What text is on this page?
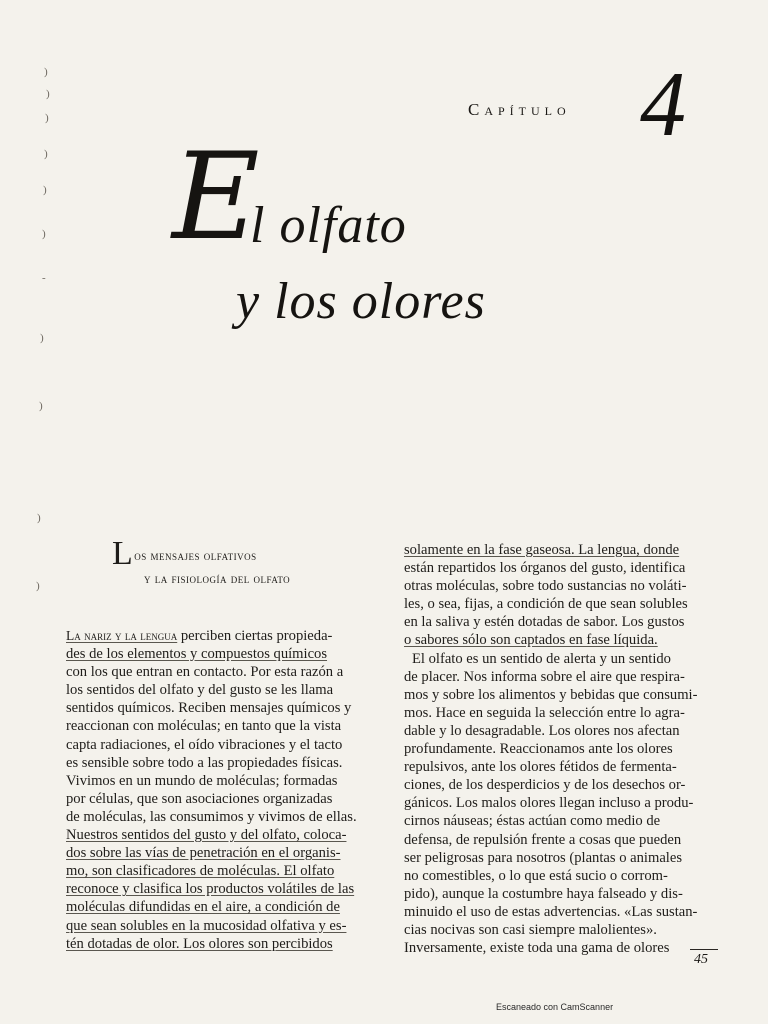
)
)
)
)
)
)
-
)
)
)
)
Capítulo 4
E
l olfato
y los olores
Los mensajes olfativos
y la fisiología del olfato
La nariz y la lengua perciben ciertas propieda-
des de los elementos y compuestos químicos
con los que entran en contacto. Por esta razón a
los sentidos del olfato y del gusto se les llama
sentidos químicos. Reciben mensajes químicos y
reaccionan con moléculas; en tanto que la vista
capta radiaciones, el oído vibraciones y el tacto
es sensible sobre todo a las propiedades físicas.
Vivimos en un mundo de moléculas; formadas
por células, que son asociaciones organizadas
de moléculas, las consumimos y vivimos de ellas.
Nuestros sentidos del gusto y del olfato, coloca-
dos sobre las vías de penetración en el organis-
mo, son clasificadores de moléculas. El olfato
reconoce y clasifica los productos volátiles de las
moléculas difundidas en el aire, a condición de
que sean solubles en la mucosidad olfativa y es-
tén dotadas de olor. Los olores son percibidos
solamente en la fase gaseosa. La lengua, donde
están repartidos los órganos del gusto, identifica
otras moléculas, sobre todo sustancias no voláti-
les, o sea, fijas, a condición de que sean solubles
en la saliva y estén dotadas de sabor. Los gustos
o sabores sólo son captados en fase líquida.
El olfato es un sentido de alerta y un sentido
de placer. Nos informa sobre el aire que respira-
mos y sobre los alimentos y bebidas que consumi-
mos. Hace en seguida la selección entre lo agra-
dable y lo desagradable. Los olores nos afectan
profundamente. Reaccionamos ante los olores
repulsivos, ante los olores fétidos de fermenta-
ciones, de los desperdicios y de los desechos or-
gánicos. Los malos olores llegan incluso a produ-
cirnos náuseas; éstas actúan como medio de
defensa, de repulsión frente a cosas que pueden
ser peligrosas para nosotros (plantas o animales
no comestibles, o lo que está sucio o corrom-
pido), aunque la costumbre haya falseado y dis-
minuido el uso de estas advertencias. «Las sustan-
cias nocivas son casi siempre malolientes».
Inversamente, existe toda una gama de olores
45
Escaneado con CamScanner
